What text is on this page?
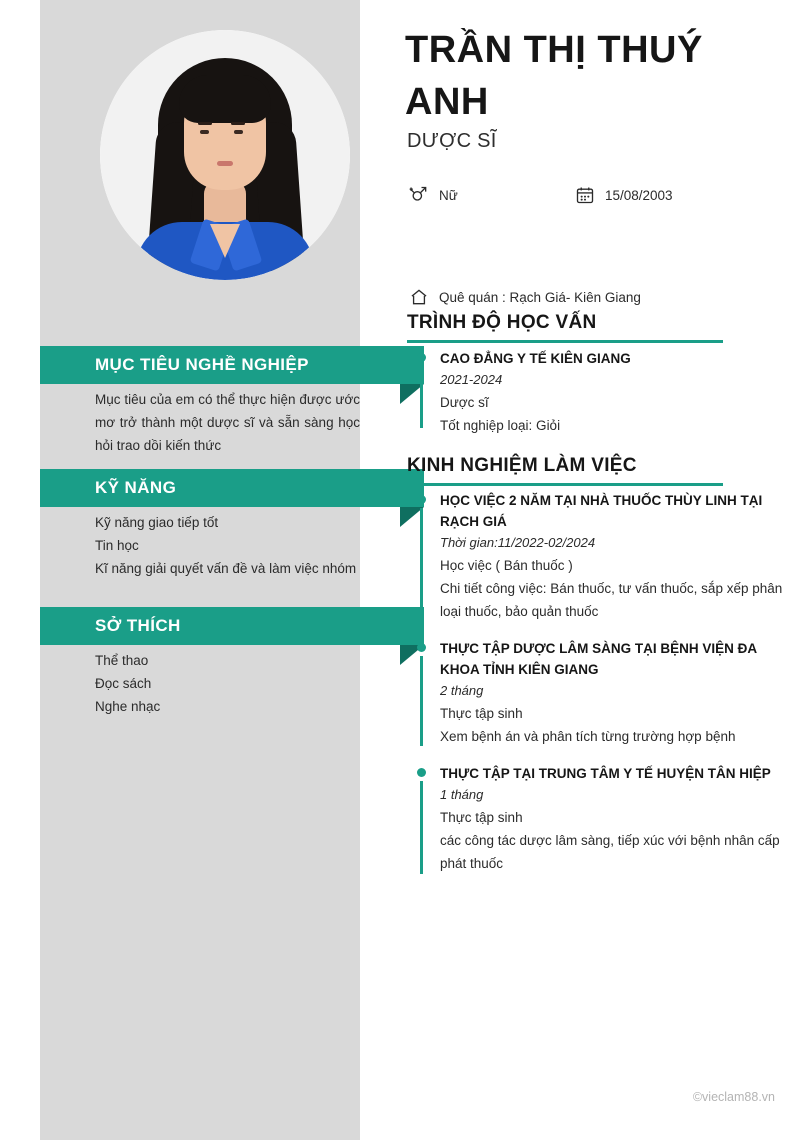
MỤC TIÊU NGHỀ NGHIỆP
Mục tiêu của em có thể thực hiện được ước mơ trở thành một dược sĩ và sẵn sàng học hỏi trao dồi kiến thức
KỸ NĂNG
Kỹ năng giao tiếp tốt
Tin học
Kĩ năng giải quyết vấn đề và làm việc nhóm
SỞ THÍCH
Thể thao
Đọc sách
Nghe nhạc
TRẦN THỊ THUÝ ANH
DƯỢC SĨ
Nữ	15/08/2003
Quê quán : Rạch Giá- Kiên Giang
TRÌNH ĐỘ HỌC VẤN
CAO ĐẲNG Y TẾ KIÊN GIANG
2021-2024
Dược sĩ
Tốt nghiệp loại: Giỏi
KINH NGHIỆM LÀM VIỆC
HỌC VIỆC 2 NĂM TẠI NHÀ THUỐC THÙY LINH TẠI RẠCH GIÁ
Thời gian:11/2022-02/2024
Học việc ( Bán thuốc )
Chi tiết công việc: Bán thuốc, tư vấn thuốc, sắp xếp phân loại thuốc, bảo quản thuốc
THỰC TẬP DƯỢC LÂM SÀNG TẠI BỆNH VIỆN ĐA KHOA TỈNH KIÊN GIANG
2 tháng
Thực tập sinh
Xem bệnh án và phân tích từng trường hợp bệnh
THỰC TẬP TẠI TRUNG TÂM Y TẾ HUYỆN TÂN HIỆP
1 tháng
Thực tập sinh
các công tác dược lâm sàng, tiếp xúc với bệnh nhân cấp phát thuốc
©vieclam88.vn
